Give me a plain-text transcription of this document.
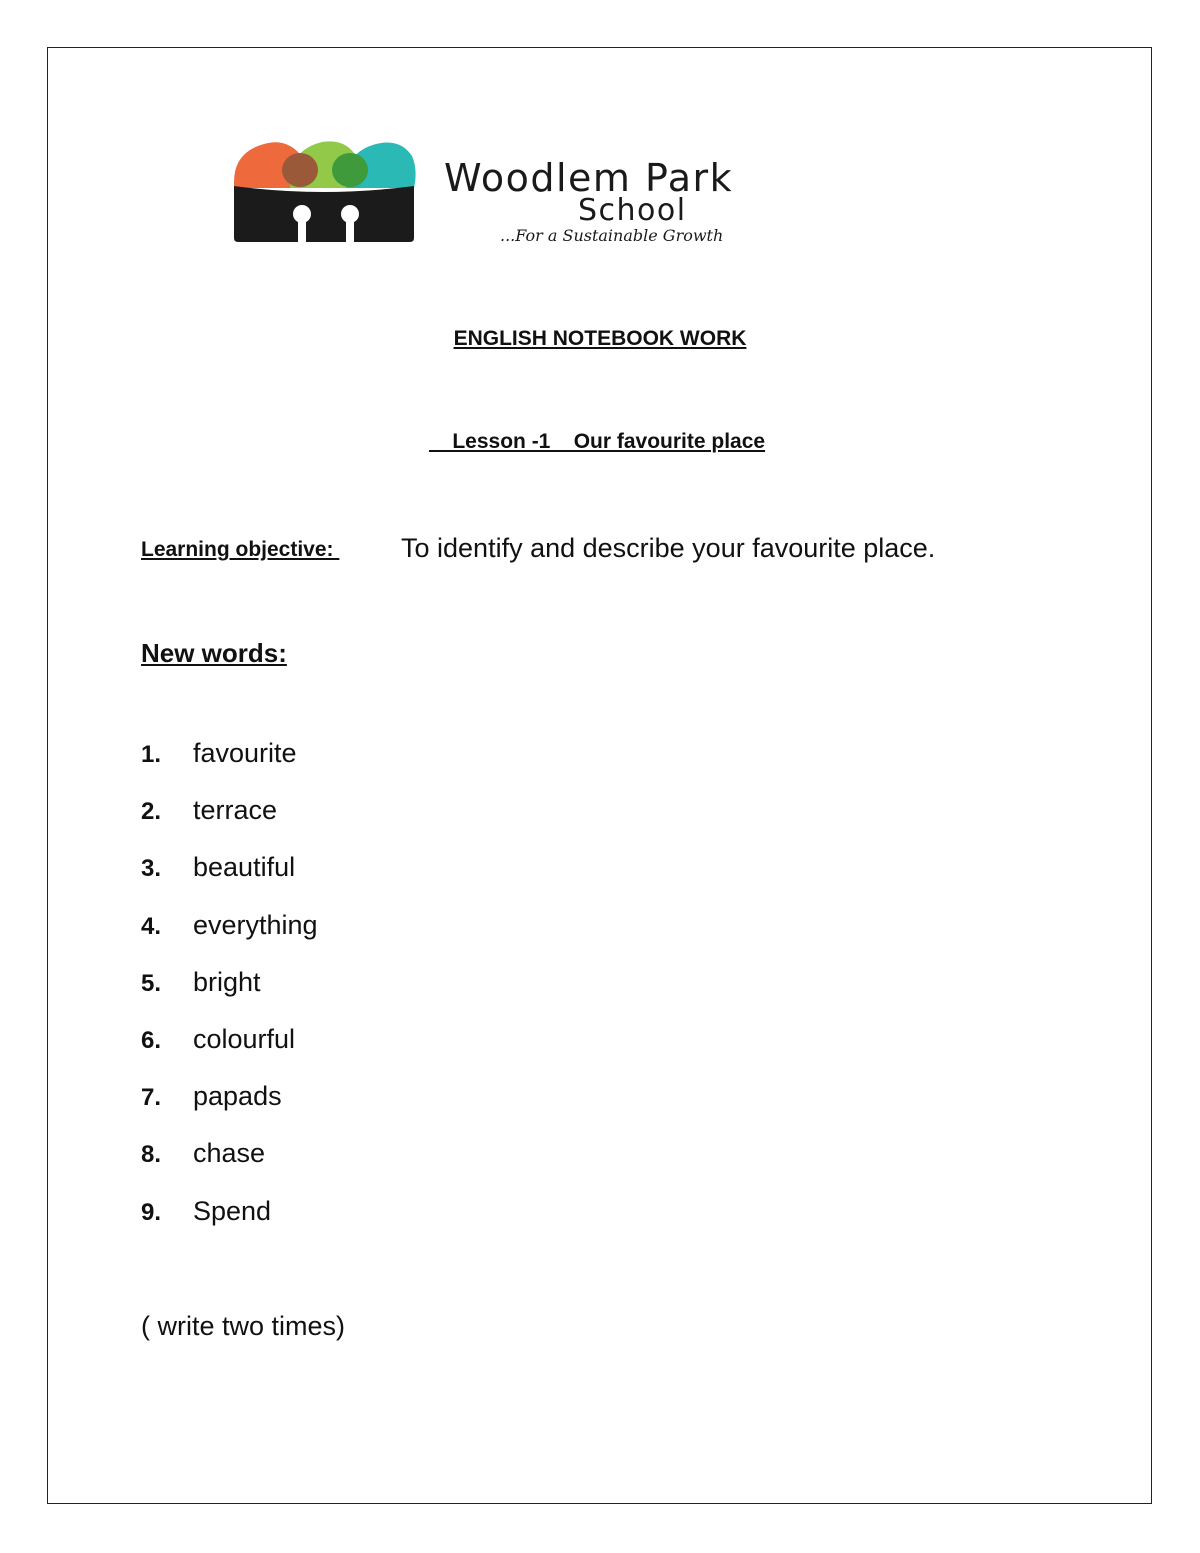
Woodlem Park
School
...For a Sustainable Growth
ENGLISH NOTEBOOK WORK
Lesson -1    Our favourite place
Learning objective: To identify and describe your favourite place.
New words:
1.	favourite
2.	terrace
3.	beautiful
4.	everything
5.	bright
6.	colourful
7.	papads
8.	chase
9.	Spend
( write two times)
